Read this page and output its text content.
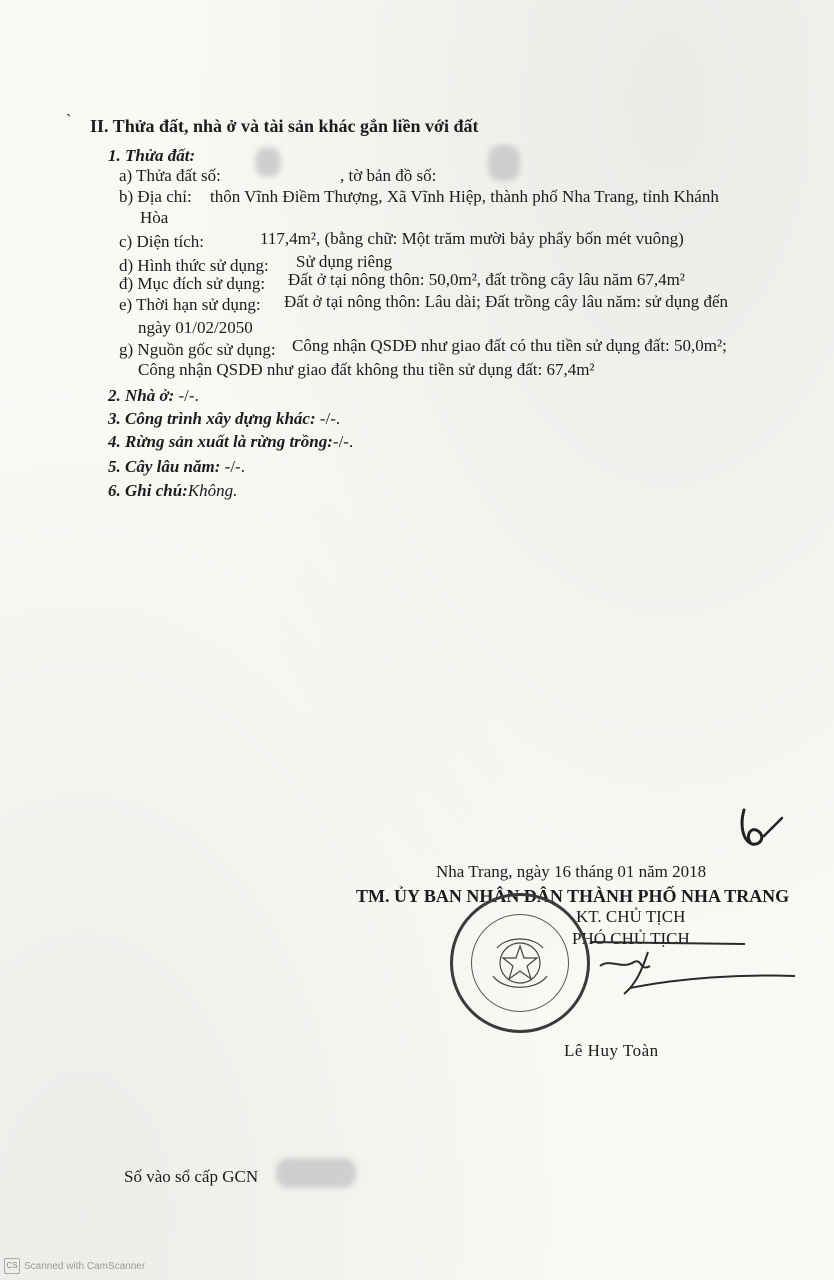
ˋ II. Thửa đất, nhà ở và tài sản khác gắn liền với đất
1. Thửa đất:
a) Thửa đất số:	, tờ bản đồ số:
b) Địa chỉ: thôn Vĩnh Điềm Thượng, Xã Vĩnh Hiệp, thành phố Nha Trang, tỉnh Khánh
Hòa
c) Diện tích:	117,4m², (bằng chữ: Một trăm mười bảy phẩy bốn mét vuông)
d) Hình thức sử dụng: Sử dụng riêng
đ) Mục đích sử dụng: Đất ở tại nông thôn: 50,0m², đất trồng cây lâu năm 67,4m²
e) Thời hạn sử dụng: Đất ở tại nông thôn: Lâu dài; Đất trồng cây lâu năm: sử dụng đến
ngày 01/02/2050
g) Nguồn gốc sử dụng: Công nhận QSDĐ như giao đất có thu tiền sử dụng đất: 50,0m²;
Công nhận QSDĐ như giao đất không thu tiền sử dụng đất: 67,4m²
2. Nhà ở: -/-.
3. Công trình xây dựng khác: -/-.
4. Rừng sản xuất là rừng trồng:-/-.
5. Cây lâu năm: -/-.
6. Ghi chú:Không.
Nha Trang, ngày 16 tháng 01 năm 2018
TM. ỦY BAN NHÂN DÂN THÀNH PHỐ NHA TRANG
KT. CHỦ TỊCH
PHÓ CHỦ TỊCH
Lê Huy Toàn
Số vào sổ cấp GCN
CS Scanned with CamScanner
